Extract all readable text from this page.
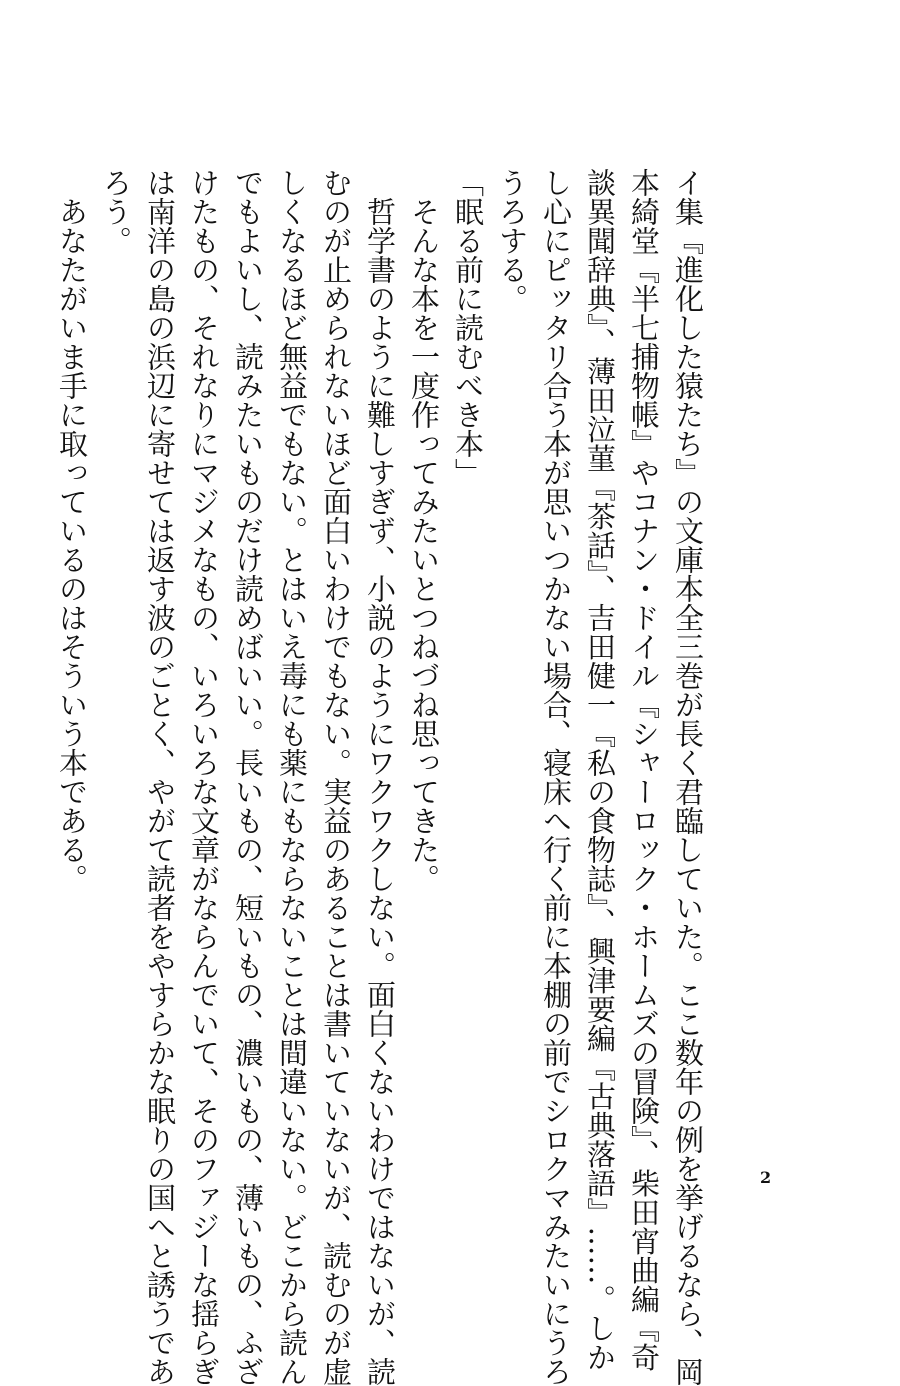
イ集『進化した猿たち』の文庫本全三巻が長く君臨していた。ここ数年の例を挙げるなら、岡
本綺堂『半七捕物帳』やコナン・ドイル『シャーロック・ホームズの冒険』、柴田宵曲編『奇
談異聞辞典』、薄田泣菫『茶話』、吉田健一『私の食物誌』、興津要編『古典落語』……。しか
し心にピッタリ合う本が思いつかない場合、寝床へ行く前に本棚の前でシロクマみたいにうろ
うろする。
「眠る前に読むべき本」
そんな本を一度作ってみたいとつねづね思ってきた。
哲学書のように難しすぎず、小説のようにワクワクしない。面白くないわけではないが、読
むのが止められないほど面白いわけでもない。実益のあることは書いていないが、読むのが虚
しくなるほど無益でもない。とはいえ毒にも薬にもならないことは間違いない。どこから読ん
でもよいし、読みたいものだけ読めばいい。長いもの、短いもの、濃いもの、薄いもの、ふざ
けたもの、それなりにマジメなもの、いろいろな文章がならんでいて、そのファジーな揺らぎ
は南洋の島の浜辺に寄せては返す波のごとく、やがて読者をやすらかな眠りの国へと誘うであ
ろう。
あなたがいま手に取っているのはそういう本である。
2
